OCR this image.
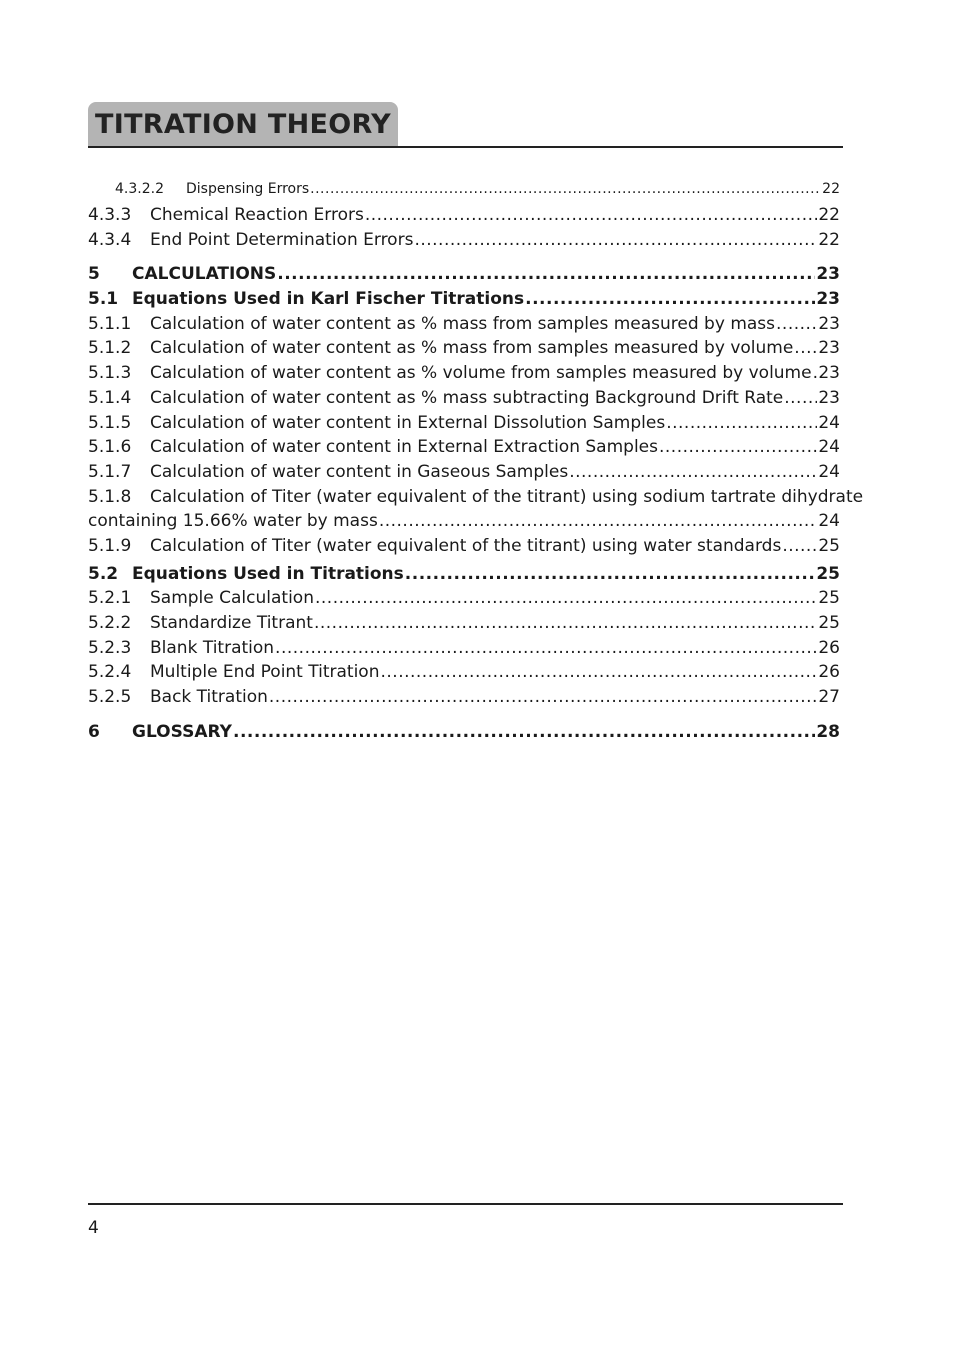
TITRATION THEORY
4.3.2.2	Dispensing Errors .....	22
4.3.3	Chemical Reaction Errors .....	22
4.3.4	End Point Determination Errors .....	22
5	CALCULATIONS .....	23
5.1 Equations Used in Karl Fischer Titrations .....	23
5.1.1	Calculation of water content as % mass from samples measured by mass .....	23
5.1.2	Calculation of water content as % mass from samples measured by volume ..... 23
5.1.3	Calculation of water content as % volume from samples measured by volume ..... 23
5.1.4	Calculation of water content as % mass subtracting Background Drift Rate ..... 23
5.1.5	Calculation of water content in External Dissolution Samples .....	24
5.1.6	Calculation of water content in External Extraction Samples .....	24
5.1.7	Calculation of water content in Gaseous Samples .....	24
5.1.8	Calculation of Titer (water equivalent of the titrant) using sodium tartrate dihydrate
containing 15.66% water by mass .....	24
5.1.9	Calculation of Titer (water equivalent of the titrant) using water standards ..... 25
5.2 Equations Used in Titrations .....	25
5.2.1	Sample Calculation .....	25
5.2.2	Standardize Titrant .....	25
5.2.3	Blank Titration .....	26
5.2.4	Multiple End Point Titration .....	26
5.2.5	Back Titration .....	27
6	GLOSSARY .....	28
4
